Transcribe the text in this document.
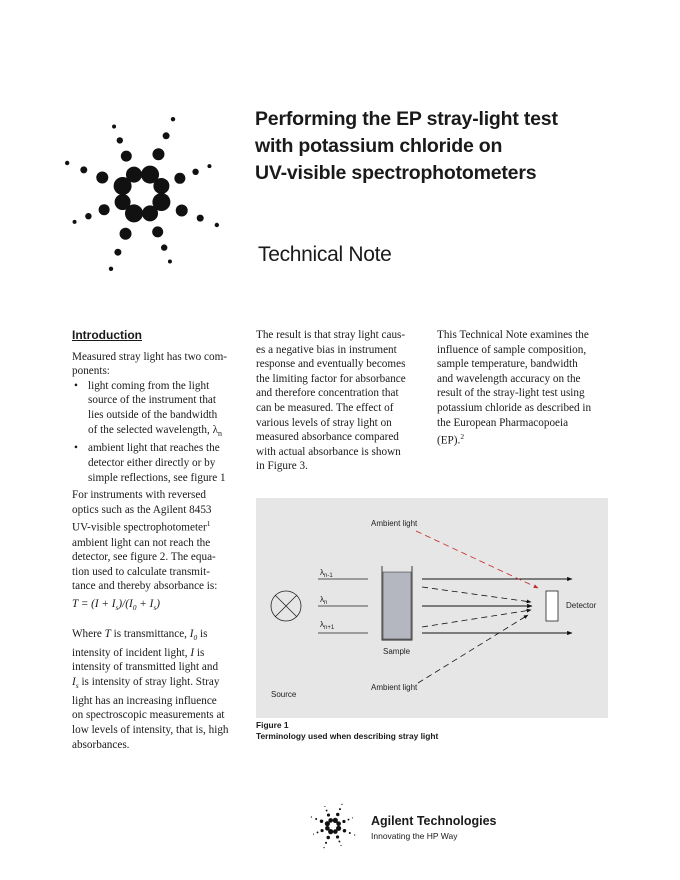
Performing the EP stray-light test
with potassium chloride on
UV-visible spectrophotometers
Technical Note
Introduction
Measured stray light has two com-
ponents:
• light coming from the light
source of the instrument that
lies outside of the bandwidth
of the selected wavelength, $\lambda_n$
• ambient light that reaches the
detector either directly or by
simple reflections, see figure 1
For instruments with reversed
optics such as the Agilent 8453
UV-visible spectrophotometer$^1$
ambient light can not reach the
detector, see figure 2. The equa-
tion used to calculate transmit-
tance and thereby absorbance is:
$T = (I + I_s)/(I_0 + I_s)$
Where T is transmittance, $I_0$ is
intensity of incident light, I is
intensity of transmitted light and
$I_s$ is intensity of stray light. Stray
light has an increasing influence
on spectroscopic measurements at
low levels of intensity, that is, high
absorbances.
The result is that stray light caus-
es a negative bias in instrument
response and eventually becomes
the limiting factor for absorbance
and therefore concentration that
can be measured. The effect of
various levels of stray light on
measured absorbance compared
with actual absorbance is shown
in Figure 3.
This Technical Note examines the
influence of sample composition,
sample temperature, bandwidth
and wavelength accuracy on the
result of the stray-light test using
potassium chloride as described in
the European Pharmacopoeia
(EP).$^2$
Source
$\lambda_{n-1}$
$\lambda_n$
$\lambda_{n+1}$
Sample
Detector
Ambient light
Ambient light
Figure 1
Terminology used when describing stray light
Agilent Technologies
Innovating the HP Way
